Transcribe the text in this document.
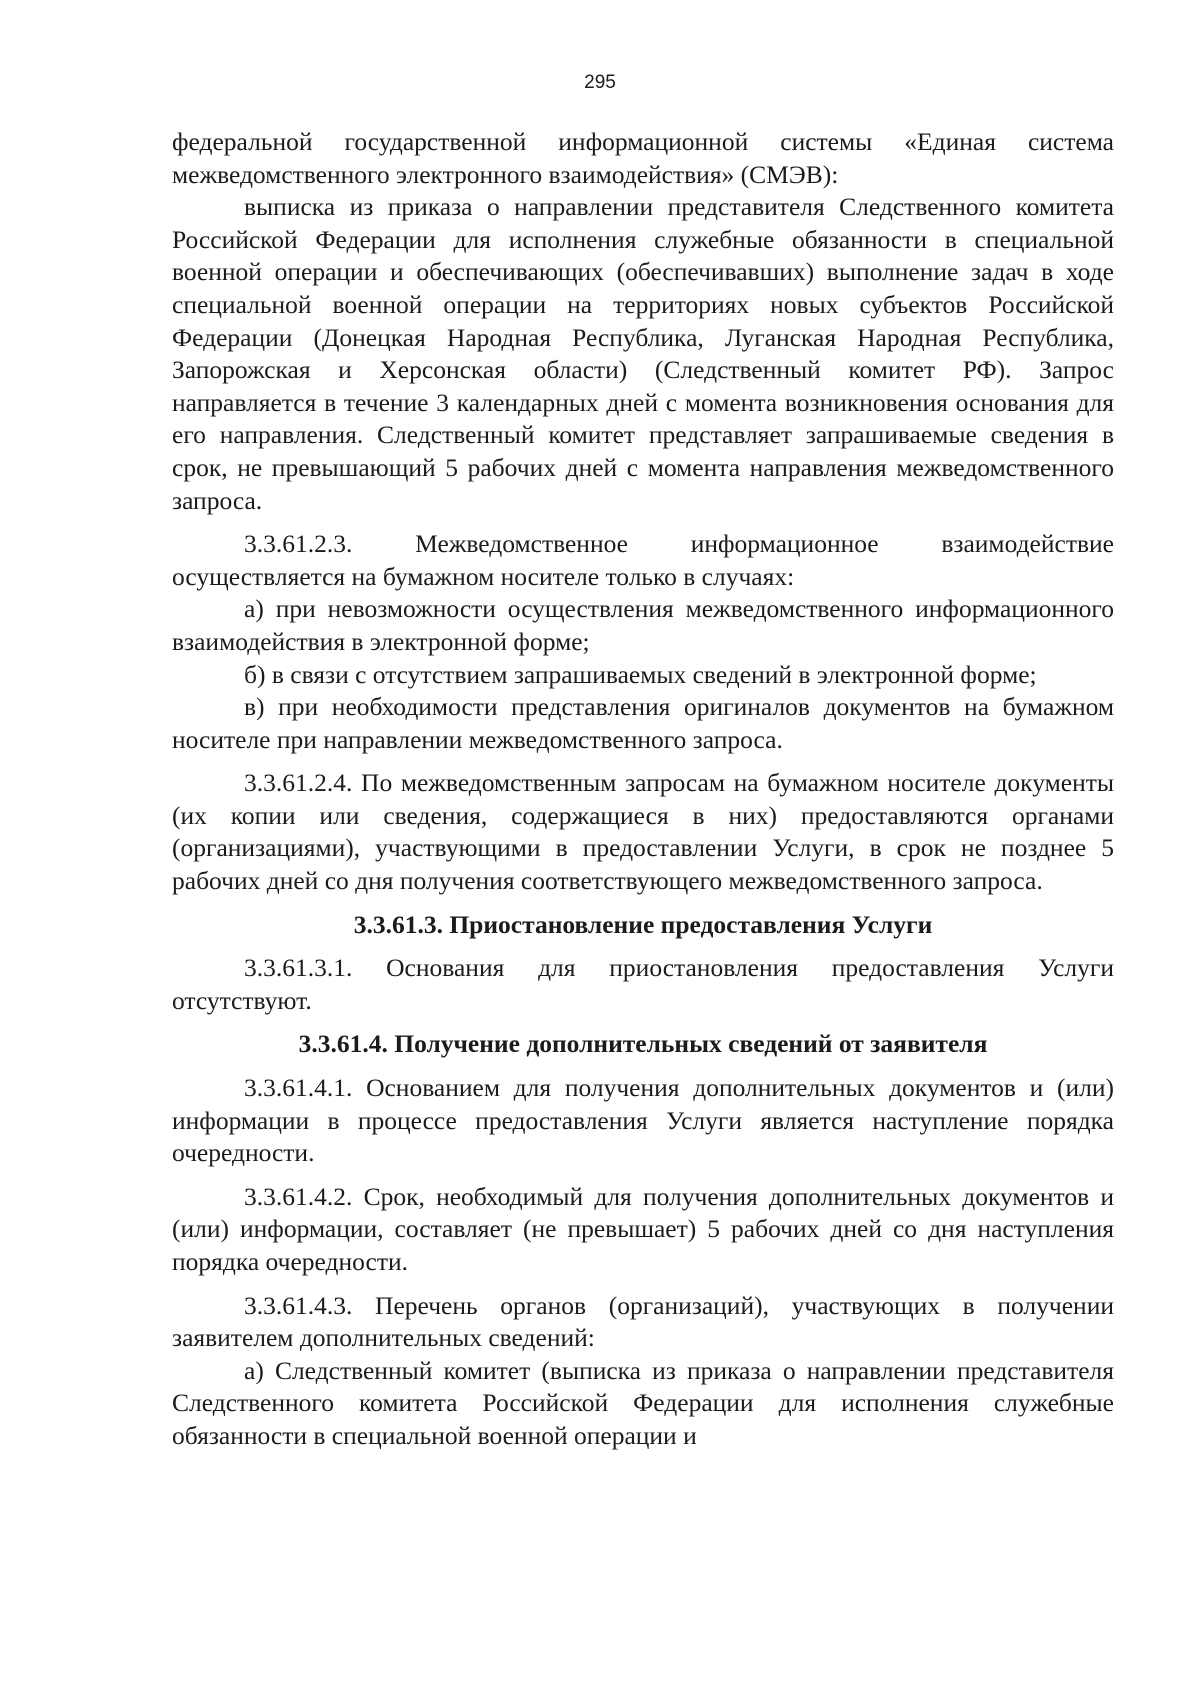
295

федеральной государственной информационной системы «Единая система межведомственного электронного взаимодействия» (СМЭВ):

выписка из приказа о направлении представителя Следственного комитета Российской Федерации для исполнения служебные обязанности в специальной военной операции и обеспечивающих (обеспечивавших) выполнение задач в ходе специальной военной операции на территориях новых субъектов Российской Федерации (Донецкая Народная Республика, Луганская Народная Республика, Запорожская и Херсонская области) (Следственный комитет РФ). Запрос направляется в течение 3 календарных дней с момента возникновения основания для его направления. Следственный комитет представляет запрашиваемые сведения в срок, не превышающий 5 рабочих дней с момента направления межведомственного запроса.

3.3.61.2.3. Межведомственное информационное взаимодействие осуществляется на бумажном носителе только в случаях:

а) при невозможности осуществления межведомственного информационного взаимодействия в электронной форме;

б) в связи с отсутствием запрашиваемых сведений в электронной форме;

в) при необходимости представления оригиналов документов на бумажном носителе при направлении межведомственного запроса.

3.3.61.2.4. По межведомственным запросам на бумажном носителе документы (их копии или сведения, содержащиеся в них) предоставляются органами (организациями), участвующими в предоставлении Услуги, в срок не позднее 5 рабочих дней со дня получения соответствующего межведомственного запроса.

3.3.61.3. Приостановление предоставления Услуги

3.3.61.3.1. Основания для приостановления предоставления Услуги отсутствуют.

3.3.61.4. Получение дополнительных сведений от заявителя

3.3.61.4.1. Основанием для получения дополнительных документов и (или) информации в процессе предоставления Услуги является наступление порядка очередности.

3.3.61.4.2. Срок, необходимый для получения дополнительных документов и (или) информации, составляет (не превышает) 5 рабочих дней со дня наступления порядка очередности.

3.3.61.4.3. Перечень органов (организаций), участвующих в получении заявителем дополнительных сведений:

а) Следственный комитет (выписка из приказа о направлении представителя Следственного комитета Российской Федерации для исполнения служебные обязанности в специальной военной операции и
